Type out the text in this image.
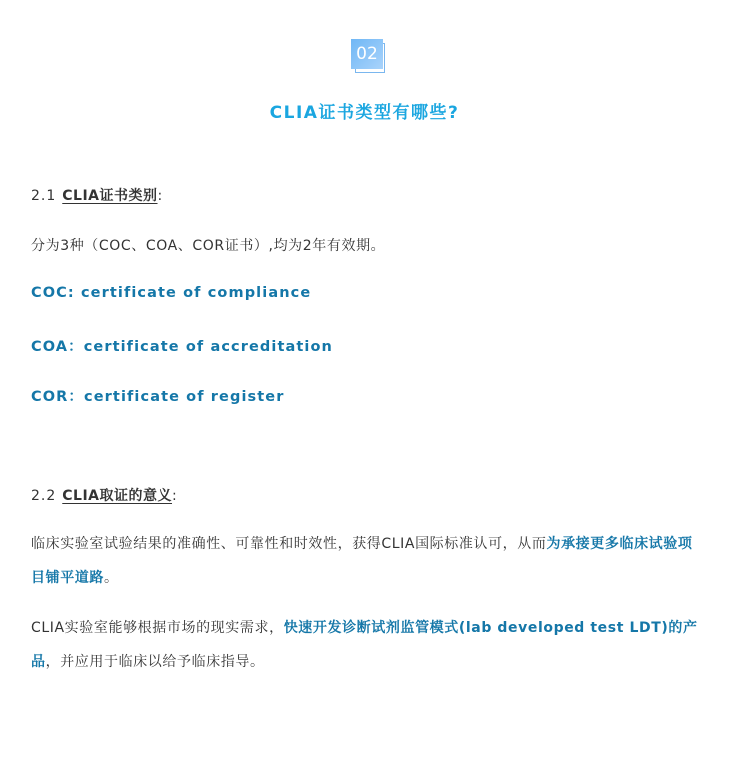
02
CLIA证书类型有哪些?
2.1 CLIA证书类别:
分为3种（COC、COA、COR证书）,均为2年有效期。
COC: certificate of compliance
COA：certificate of accreditation
COR：certificate of register
2.2 CLIA取证的意义:
临床实验室试验结果的准确性、可靠性和时效性，获得CLIA国际标准认可，从而为承接更多临床试验项目铺平道路。
CLIA实验室能够根据市场的现实需求，快速开发诊断试剂监管模式(lab developed test LDT)的产品，并应用于临床以给予临床指导。
